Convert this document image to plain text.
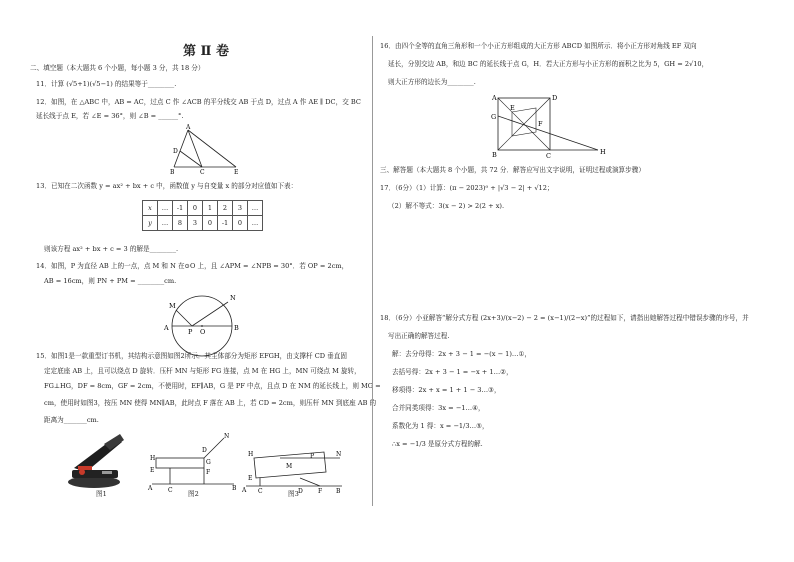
第 Ⅱ 卷
二、填空题（本大题共 6 个小题，每小题 3 分，共 18 分）
11．计算 (√5+1)(√5−1) 的结果等于________.
12．如图，在 △ABC 中，AB = AC，过点 C 作 ∠ACB 的平分线交 AB 于点 D，过点 A 作 AE ∥ DC，交 BC
延长线于点 E，若 ∠E = 36°，则 ∠B = ______°.
A
D
B	C	E
13．已知在二次函数 y = ax² + bx + c 中，函数值 y 与自变量 x 的部分对应值如下表：
x	…	-1	0	1	2	3	…
y	…	8	3	0	-1	0	…
则该方程 ax² + bx + c = 3 的解是________.
14．如图，P 为直径 AB 上的一点，点 M 和 N 在⊙O 上，且 ∠APM = ∠NPB = 30°．若 OP = 2cm，
AB = 16cm，则 PN + PM = ________cm.
M
N
A	P O	B
15．如图1是一款重型订书机，其结构示意图如图2所示．其主体部分为矩形 EFGH，由支撑杆 CD 垂直固
定定底座 AB 上，且可以绕点 D 旋转．压杆 MN 与矩形 FG 连接，点 M 在 HG 上，MN 可绕点 M 旋转，
FG⊥HG，DF = 8cm，GF = 2cm，不使用时，EF∥AB，G 是 PF 中点，且点 D 在 NM 的延长线上，则 MG =
cm，使用时如图3，按压 MN 使得 MN∥AB，此时点 F 落在 AB 上，若 CD = 2cm，则压杆 MN 到底座 AB 的
距离为_______cm.
图1
N
H
E
D
G
F
A	C	B
图2
H
E
M
P	N
A C	D	F B
图3
16．由四个全等的直角三角形和一个小正方形组成的大正方形 ABCD 如图所示．将小正方形对角线 EF 双向
延长，分别交边 AB，和边 BC 的延长线于点 G，H．若大正方形与小正方形的面积之比为 5，GH = 2√10，
则大正方形的边长为________.
A	D
G
E
F
B	C	H
三、解答题（本大题共 8 个小题，共 72 分．解答应写出文字说明，证明过程或演算步骤）
17．（6分）（1）计算：(π − 2023)⁰ + |√3 − 2| + √12；
（2）解不等式：3(x − 2) > 2(2 + x).
18．（6分）小亚解答“解分式方程 (2x+3)/(x−2) − 2 = (x−1)/(2−x)”的过程如下，请指出她解答过程中错误步骤的序号，并
写出正确的解答过程.
解：去分母得：2x + 3 − 1 = −(x − 1)…①，
去括号得：2x + 3 − 1 = −x + 1…②，
移项得：2x + x = 1 + 1 − 3…③，
合并同类项得：3x = −1…④，
系数化为 1 得：x = −1/3…⑤，
∴x = −1/3 是原分式方程的解.
